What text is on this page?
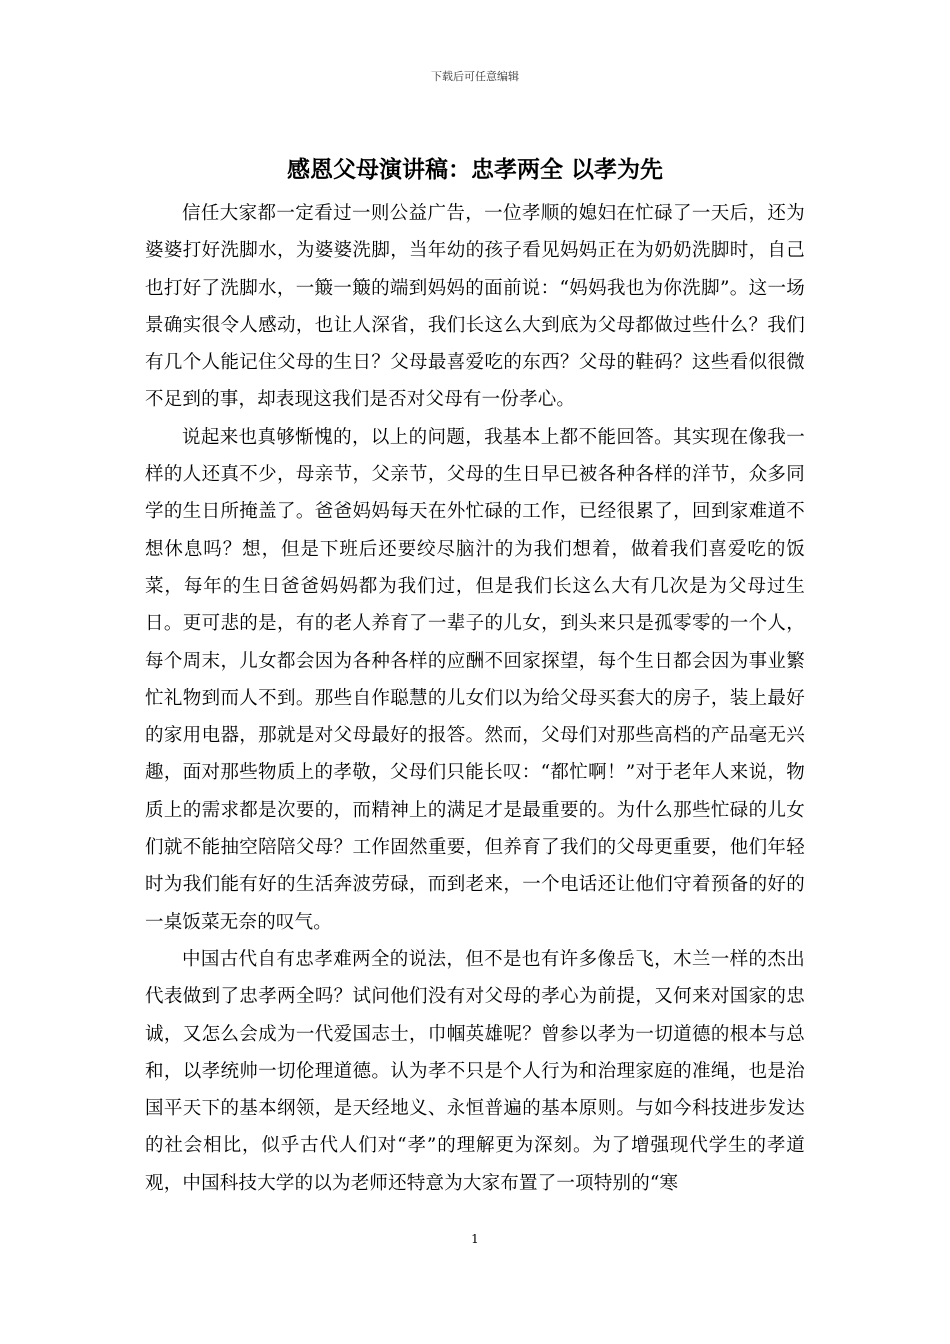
下载后可任意编辑
感恩父母演讲稿：忠孝两全 以孝为先

信任大家都一定看过一则公益广告，一位孝顺的媳妇在忙碌了一天后，还为婆婆打好洗脚水，为婆婆洗脚，当年幼的孩子看见妈妈正在为奶奶洗脚时，自己也打好了洗脚水，一簸一簸的端到妈妈的面前说：“妈妈我也为你洗脚”。这一场景确实很令人感动，也让人深省，我们长这么大到底为父母都做过些什么？我们有几个人能记住父母的生日？父母最喜爱吃的东西？父母的鞋码？这些看似很微不足到的事，却表现这我们是否对父母有一份孝心。

说起来也真够惭愧的，以上的问题，我基本上都不能回答。其实现在像我一样的人还真不少，母亲节，父亲节，父母的生日早已被各种各样的洋节，众多同学的生日所掩盖了。爸爸妈妈每天在外忙碌的工作，已经很累了，回到家难道不想休息吗？想，但是下班后还要绞尽脑汁的为我们想着，做着我们喜爱吃的饭菜，每年的生日爸爸妈妈都为我们过，但是我们长这么大有几次是为父母过生日。更可悲的是，有的老人养育了一辈子的儿女，到头来只是孤零零的一个人，每个周末，儿女都会因为各种各样的应酬不回家探望，每个生日都会因为事业繁忙礼物到而人不到。那些自作聪慧的儿女们以为给父母买套大的房子，装上最好的家用电器，那就是对父母最好的报答。然而，父母们对那些高档的产品毫无兴趣，面对那些物质上的孝敬，父母们只能长叹：“都忙啊！”对于老年人来说，物质上的需求都是次要的，而精神上的满足才是最重要的。为什么那些忙碌的儿女们就不能抽空陪陪父母？工作固然重要，但养育了我们的父母更重要，他们年轻时为我们能有好的生活奔波劳碌，而到老来，一个电话还让他们守着预备的好的一桌饭菜无奈的叹气。

中国古代自有忠孝难两全的说法，但不是也有许多像岳飞，木兰一样的杰出代表做到了忠孝两全吗？试问他们没有对父母的孝心为前提，又何来对国家的忠诚，又怎么会成为一代爱国志士，巾帼英雄呢？曾参以孝为一切道德的根本与总和，以孝统帅一切伦理道德。认为孝不只是个人行为和治理家庭的准绳，也是治国平天下的基本纲领，是天经地义、永恒普遍的基本原则。与如今科技进步发达的社会相比，似乎古代人们对“孝”的理解更为深刻。为了增强现代学生的孝道观，中国科技大学的以为老师还特意为大家布置了一项特别的“寒

1
